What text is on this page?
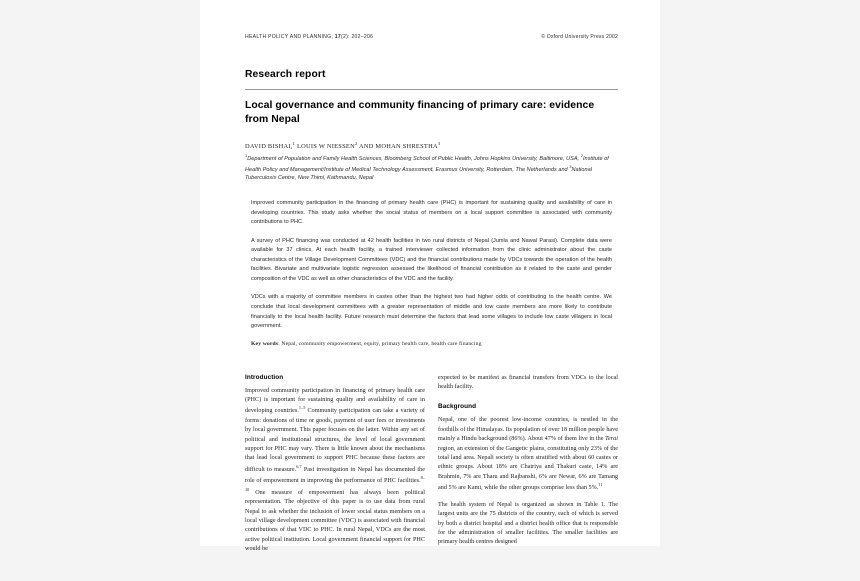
HEALTH POLICY AND PLANNING; 17(2): 202–206	© Oxford University Press 2002
Research report
Local governance and community financing of primary care: evidence from Nepal
DAVID BISHAI,$^1$ LOUIS W NIESSEN$^2$ AND MOHAN SHRESTHA$^3$
$^1$Department of Population and Family Health Sciences, Bloomberg School of Public Health, Johns Hopkins University, Baltimore, USA, $^2$Institute of Health Policy and Management/Institute of Medical Technology Assessment, Erasmus University, Rotterdam, The Netherlands and $^3$National Tuberculosis Centre, New Thimi, Kathmandu, Nepal

Improved community participation in the financing of primary health care (PHC) is important for sustaining quality and availability of care in developing countries. This study asks whether the social status of members on a local support committee is associated with community contributions to PHC.

A survey of PHC financing was conducted at 42 health facilities in two rural districts of Nepal (Jumla and Nawal Parasi). Complete data were available for 37 clinics. At each health facility, a trained interviewer collected information from the clinic administrator about the caste characteristics of the Village Development Committees (VDC) and the financial contributions made by VDCs towards the operation of the health facilities. Bivariate and multivariate logistic regression assessed the likelihood of financial contribution as it related to the caste and gender composition of the VDC as well as other characteristics of the VDC and the facility.

VDCs with a majority of committee members in castes other than the highest two had higher odds of contributing to the health centre. We conclude that local development committees with a greater representation of middle and low caste members are more likely to contribute financially to the local health facility. Future research must determine the factors that lead some villages to include low caste villagers in local government.

Key words: Nepal, community empowerment, equity, primary health care, health care financing
Introduction

Improved community participation in financing of primary health care (PHC) is important for sustaining quality and availability of care in developing countries.$^{1-5}$ Community participation can take a variety of forms: donations of time or goods, payment of user fees or investments by local government. This paper focuses on the latter. Within any set of political and institutional structures, the level of local government support for PHC may vary. There is little known about the mechanisms that lead local government to support PHC because these factors are difficult to measure.$^{6,7}$ Past investigation in Nepal has documented the role of empowerment in improving the performance of PHC facilities.$^{8-10}$ One measure of empowerment has always been political representation. The objective of this paper is to use data from rural Nepal to ask whether the inclusion of lower social status members on a local village development committee (VDC) is associated with financial contributions of that VDC to PHC. In rural Nepal, VDCs are the most active political institution. Local government financial support for PHC would be

expected to be manifest as financial transfers from VDCs to the local health facility.

Background

Nepal, one of the poorest low-income countries, is nestled in the foothills of the Himalayas. Its population of over 18 million people have mainly a Hindu background (86%). About 47% of them live in the Terai region, an extension of the Gangetic plains, constituting only 23% of the total land area. Nepali society is often stratified with about 60 castes or ethnic groups. About 18% are Chatriya and Thakuri caste, 14% are Brahmin, 7% are Tharu and Rajbanshi, 6% are Newar, 6% are Tamang and 5% are Kami, while the other groups comprise less than 5%.$^{11}$

The health system of Nepal is organized as shown in Table 1. The largest units are the 75 districts of the country, each of which is served by both a district hospital and a district health office that is responsible for the administration of smaller facilities. The smaller facilities are primary health centres designed
